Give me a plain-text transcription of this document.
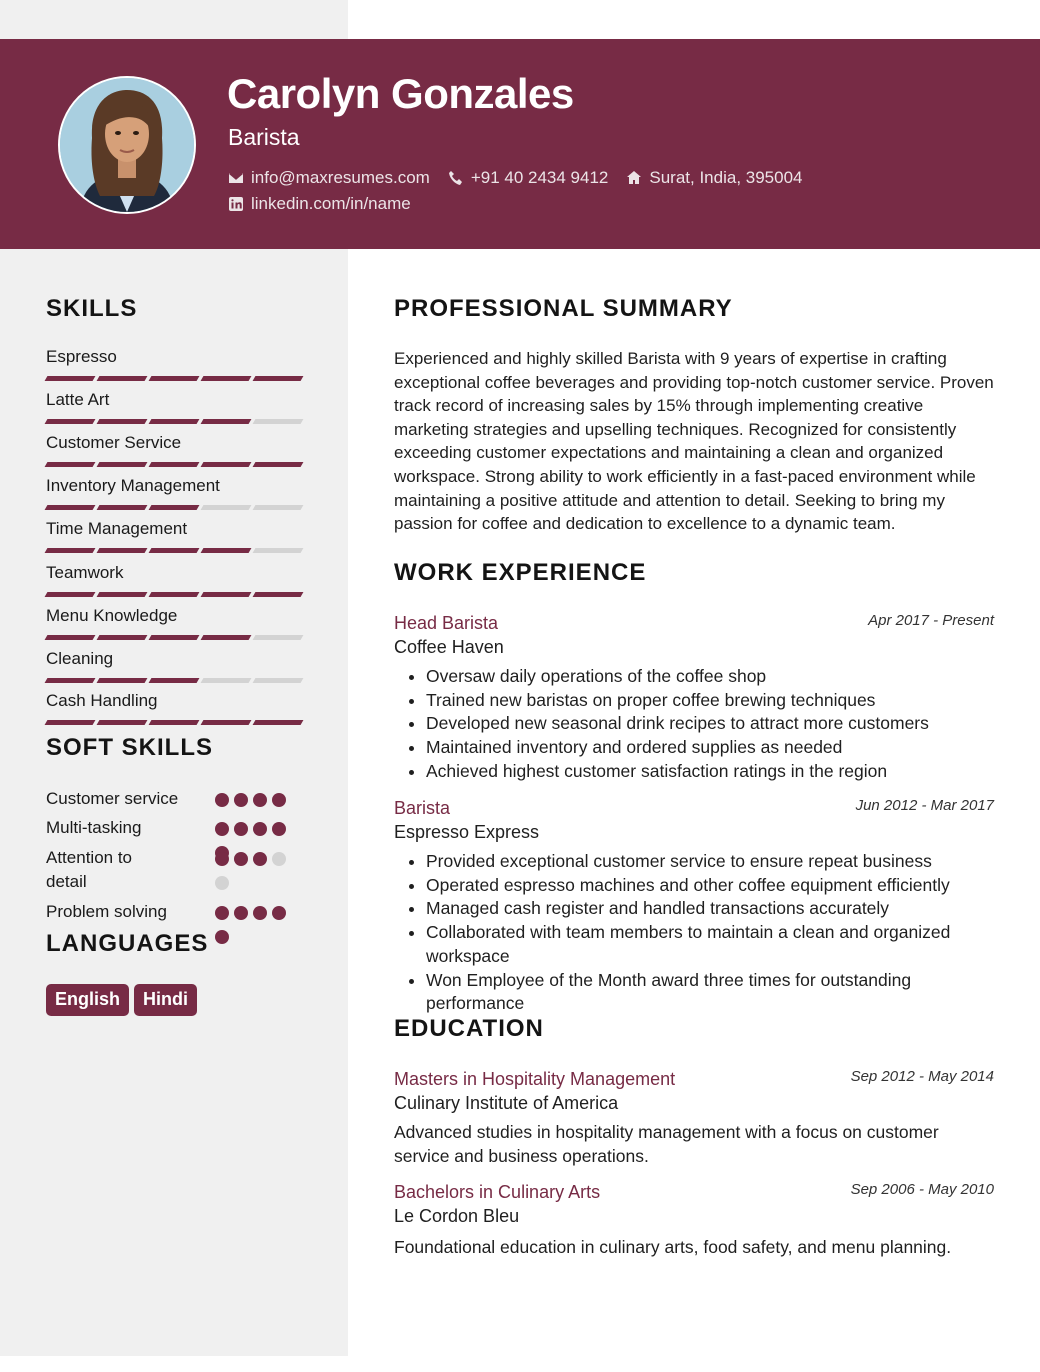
Carolyn Gonzales
Barista
info@maxresumes.com +91 40 2434 9412 Surat, India, 395004
linkedin.com/in/name
SKILLS
Espresso
Latte Art
Customer Service
Inventory Management
Time Management
Teamwork
Menu Knowledge
Cleaning
Cash Handling
SOFT SKILLS
Customer service
Multi-tasking
Attention to detail
Problem solving
LANGUAGES
English	Hindi
PROFESSIONAL SUMMARY
Experienced and highly skilled Barista with 9 years of expertise in crafting exceptional coffee beverages and providing top-notch customer service. Proven track record of increasing sales by 15% through implementing creative marketing strategies and upselling techniques. Recognized for consistently exceeding customer expectations and maintaining a clean and organized workspace. Strong ability to work efficiently in a fast-paced environment while maintaining a positive attitude and attention to detail. Seeking to bring my passion for coffee and dedication to excellence to a dynamic team.
WORK EXPERIENCE
Head Barista	Apr 2017 - Present
Coffee Haven
• Oversaw daily operations of the coffee shop
• Trained new baristas on proper coffee brewing techniques
• Developed new seasonal drink recipes to attract more customers
• Maintained inventory and ordered supplies as needed
• Achieved highest customer satisfaction ratings in the region
Barista	Jun 2012 - Mar 2017
Espresso Express
• Provided exceptional customer service to ensure repeat business
• Operated espresso machines and other coffee equipment efficiently
• Managed cash register and handled transactions accurately
• Collaborated with team members to maintain a clean and organized workspace
• Won Employee of the Month award three times for outstanding performance
EDUCATION
Masters in Hospitality Management	Sep 2012 - May 2014
Culinary Institute of America
Advanced studies in hospitality management with a focus on customer service and business operations.
Bachelors in Culinary Arts	Sep 2006 - May 2010
Le Cordon Bleu
Foundational education in culinary arts, food safety, and menu planning.
